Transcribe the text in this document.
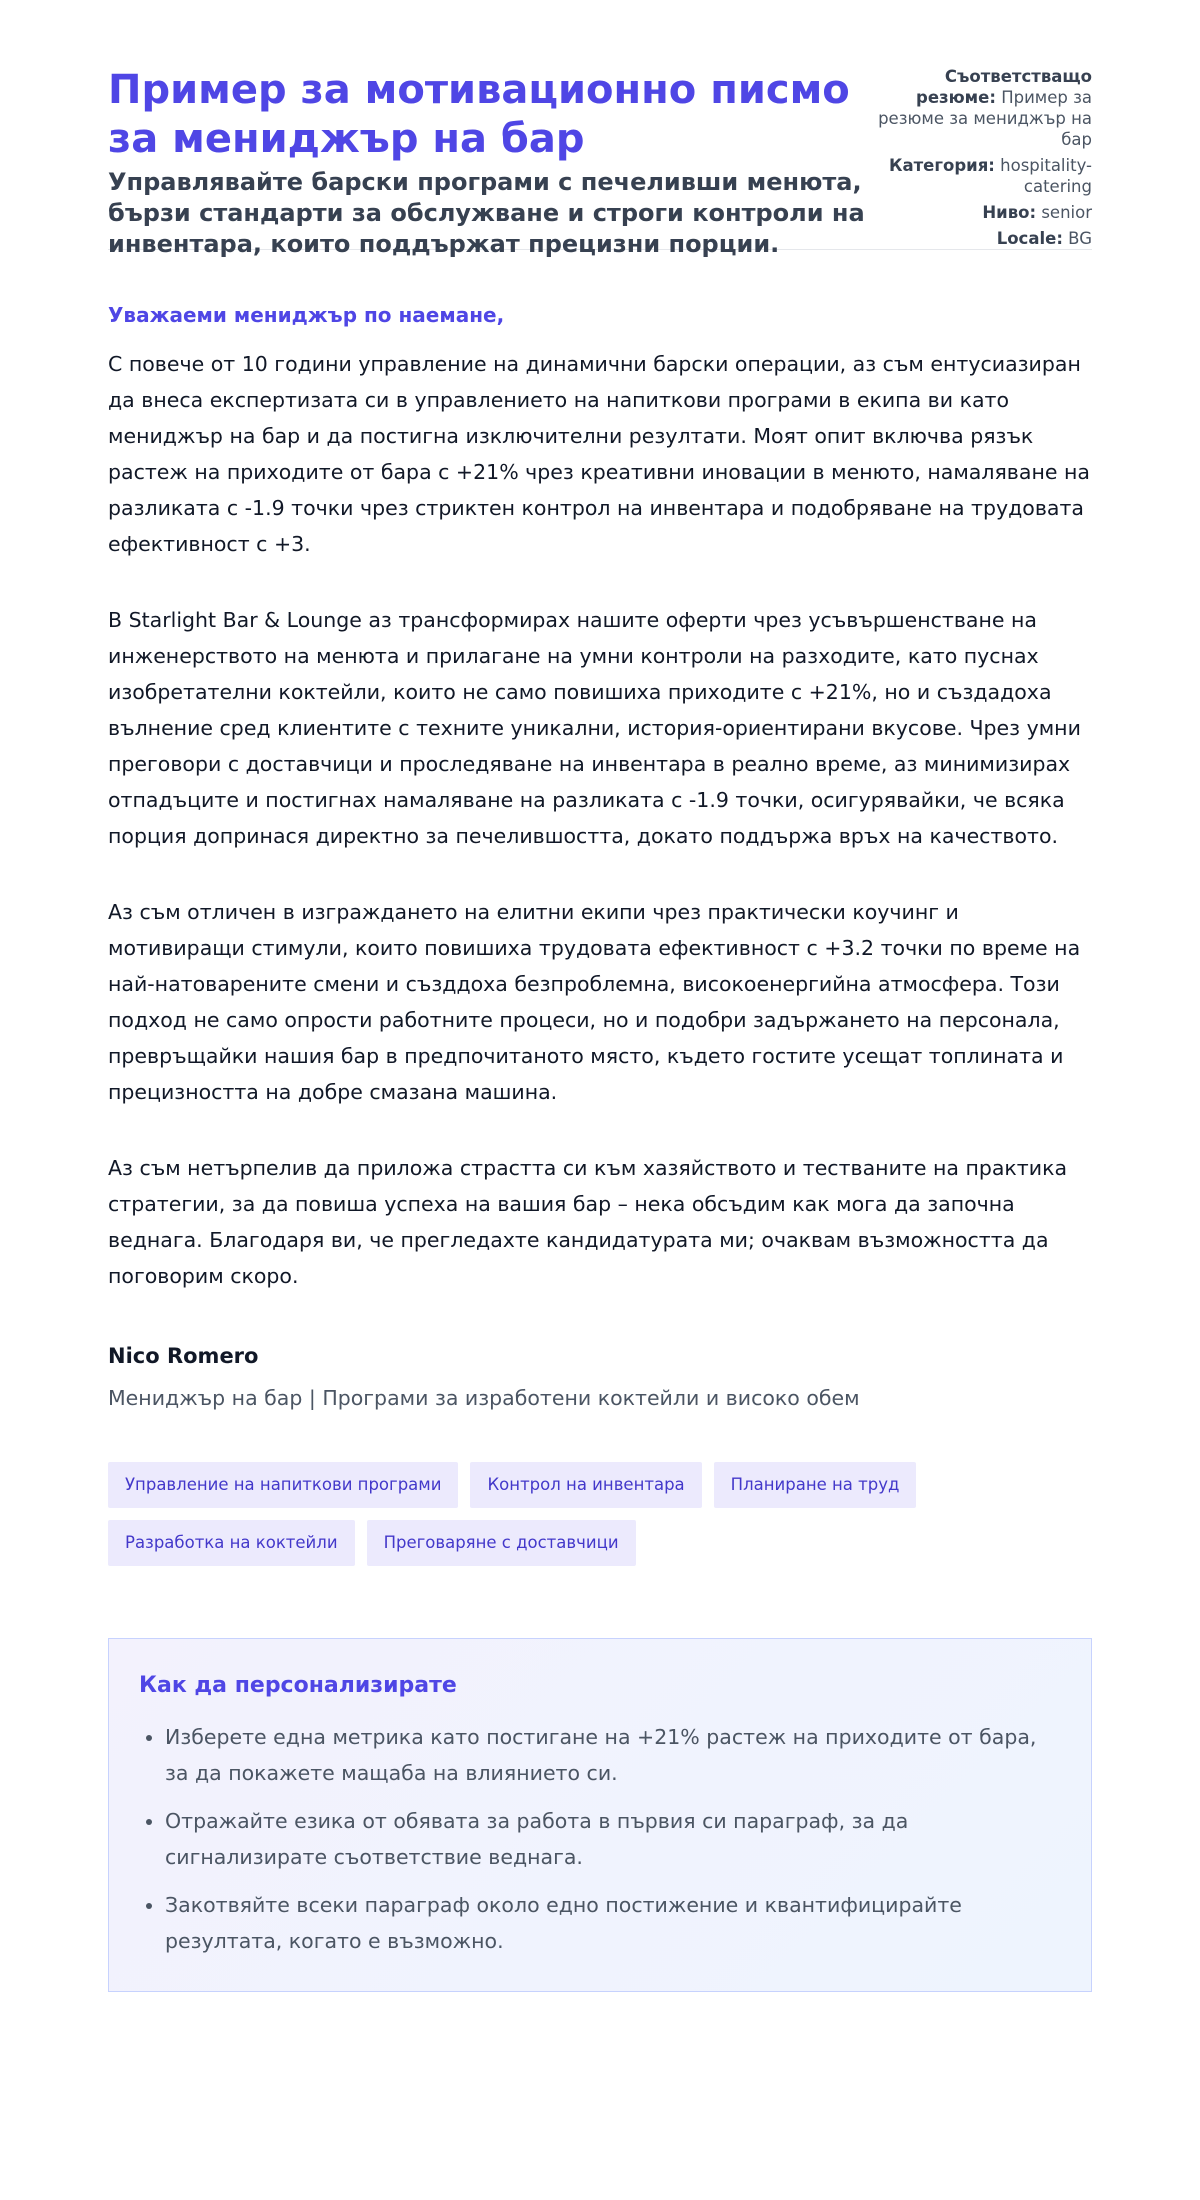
Пример за мотивационно писмо за мениджър на бар
Управлявайте барски програми с печеливши менюта, бързи стандарти за обслужване и строги контроли на инвентара, които поддържат прецизни порции.
Съответстващо резюме: Пример за резюме за мениджър на бар
Категория: hospitality-catering
Ниво: senior
Locale: BG

Уважаеми мениджър по наемане,

С повече от 10 години управление на динамични барски операции, аз съм ентусиазиран да внеса експертизата си в управлението на напиткови програми в екипа ви като мениджър на бар и да постигна изключителни резултати. Моят опит включва рязък растеж на приходите от бара с +21% чрез креативни иновации в менюто, намаляване на разликата с -1.9 точки чрез стриктен контрол на инвентара и подобряване на трудовата ефективност с +3.

В Starlight Bar & Lounge аз трансформирах нашите оферти чрез усъвършенстване на инженерството на менюта и прилагане на умни контроли на разходите, като пуснах изобретателни коктейли, които не само повишиха приходите с +21%, но и създадоха вълнение сред клиентите с техните уникални, история-ориентирани вкусове. Чрез умни преговори с доставчици и проследяване на инвентара в реално време, аз минимизирах отпадъците и постигнах намаляване на разликата с -1.9 точки, осигурявайки, че всяка порция допринася директно за печелившостта, докато поддържа връх на качеството.

Аз съм отличен в изграждането на елитни екипи чрез практически коучинг и мотивиращи стимули, които повишиха трудовата ефективност с +3.2 точки по време на най-натоварените смени и създдоха безпроблемна, високоенергийна атмосфера. Този подход не само опрости работните процеси, но и подобри задържането на персонала, превръщайки нашия бар в предпочитаното място, където гостите усещат топлината и прецизността на добре смазана машина.

Аз съм нетърпелив да приложа страстта си към хазяйството и тестваните на практика стратегии, за да повиша успеха на вашия бар – нека обсъдим как мога да започна веднага. Благодаря ви, че прегледахте кандидатурата ми; очаквам възможността да поговорим скоро.

Nico Romero
Мениджър на бар | Програми за изработени коктейли и високо обем
Управление на напиткови програми	Контрол на инвентара	Планиране на труд
Разработка на коктейли	Преговаряне с доставчици
Как да персонализирате
• Изберете една метрика като постигане на +21% растеж на приходите от бара, за да покажете мащаба на влиянието си.
• Отражайте езика от обявата за работа в първия си параграф, за да сигнализирате съответствие веднага.
• Закотвяйте всеки параграф около едно постижение и квантифицирайте резултата, когато е възможно.
